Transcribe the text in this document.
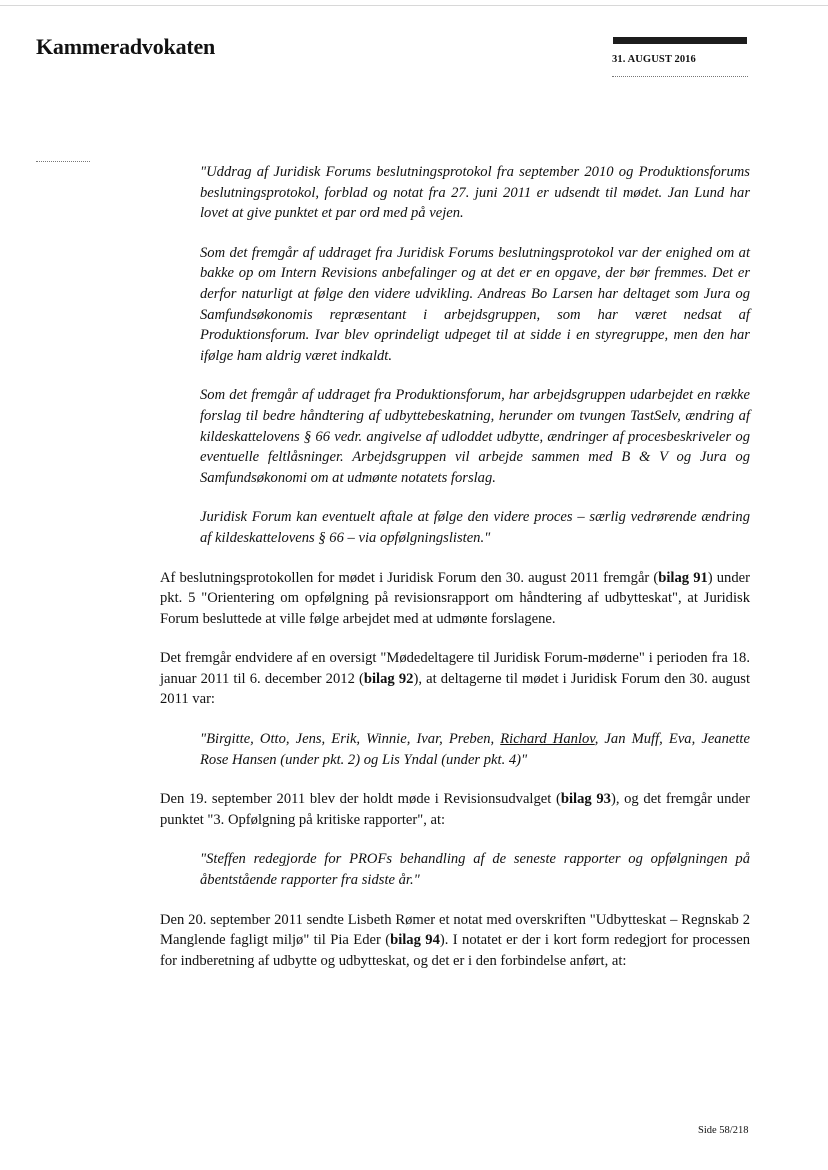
Kammeradvokaten
31. AUGUST 2016

"Uddrag af Juridisk Forums beslutningsprotokol fra september 2010 og Produktionsforums beslutningsprotokol, forblad og notat fra 27. juni 2011 er udsendt til mødet. Jan Lund har lovet at give punktet et par ord med på vejen.

Som det fremgår af uddraget fra Juridisk Forums beslutningsprotokol var der enighed om at bakke op om Intern Revisions anbefalinger og at det er en opgave, der bør fremmes. Det er derfor naturligt at følge den videre udvikling. Andreas Bo Larsen har deltaget som Jura og Samfundsøkonomis repræsentant i arbejdsgruppen, som har været nedsat af Produktionsforum. Ivar blev oprindeligt udpeget til at sidde i en styregruppe, men den har ifølge ham aldrig været indkaldt.

Som det fremgår af uddraget fra Produktionsforum, har arbejdsgruppen udarbejdet en række forslag til bedre håndtering af udbyttebeskatning, herunder om tvungen TastSelv, ændring af kildeskattelovens § 66 vedr. angivelse af udloddet udbytte, ændringer af procesbeskriveler og eventuelle feltlåsninger. Arbejdsgruppen vil arbejde sammen med B & V og Jura og Samfundsøkonomi om at udmønte notatets forslag.

Juridisk Forum kan eventuelt aftale at følge den videre proces – særlig vedrørende ændring af kildeskattelovens § 66 – via opfølgningslisten."

Af beslutningsprotokollen for mødet i Juridisk Forum den 30. august 2011 fremgår (bilag 91) under pkt. 5 "Orientering om opfølgning på revisionsrapport om håndtering af udbytteskat", at Juridisk Forum besluttede at ville følge arbejdet med at udmønte forslagene.

Det fremgår endvidere af en oversigt "Mødedeltagere til Juridisk Forum-møderne" i perioden fra 18. januar 2011 til 6. december 2012 (bilag 92), at deltagerne til mødet i Juridisk Forum den 30. august 2011 var:

"Birgitte, Otto, Jens, Erik, Winnie, Ivar, Preben, Richard Hanlov, Jan Muff, Eva, Jeanette Rose Hansen (under pkt. 2) og Lis Yndal (under pkt. 4)"

Den 19. september 2011 blev der holdt møde i Revisionsudvalget (bilag 93), og det fremgår under punktet "3. Opfølgning på kritiske rapporter", at:

"Steffen redegjorde for PROFs behandling af de seneste rapporter og opfølgningen på åbentstående rapporter fra sidste år."

Den 20. september 2011 sendte Lisbeth Rømer et notat med overskriften "Udbytteskat – Regnskab 2 Manglende fagligt miljø" til Pia Eder (bilag 94). I notatet er der i kort form redegjort for processen for indberetning af udbytte og udbytteskat, og det er i den forbindelse anført, at:

Side 58/218
